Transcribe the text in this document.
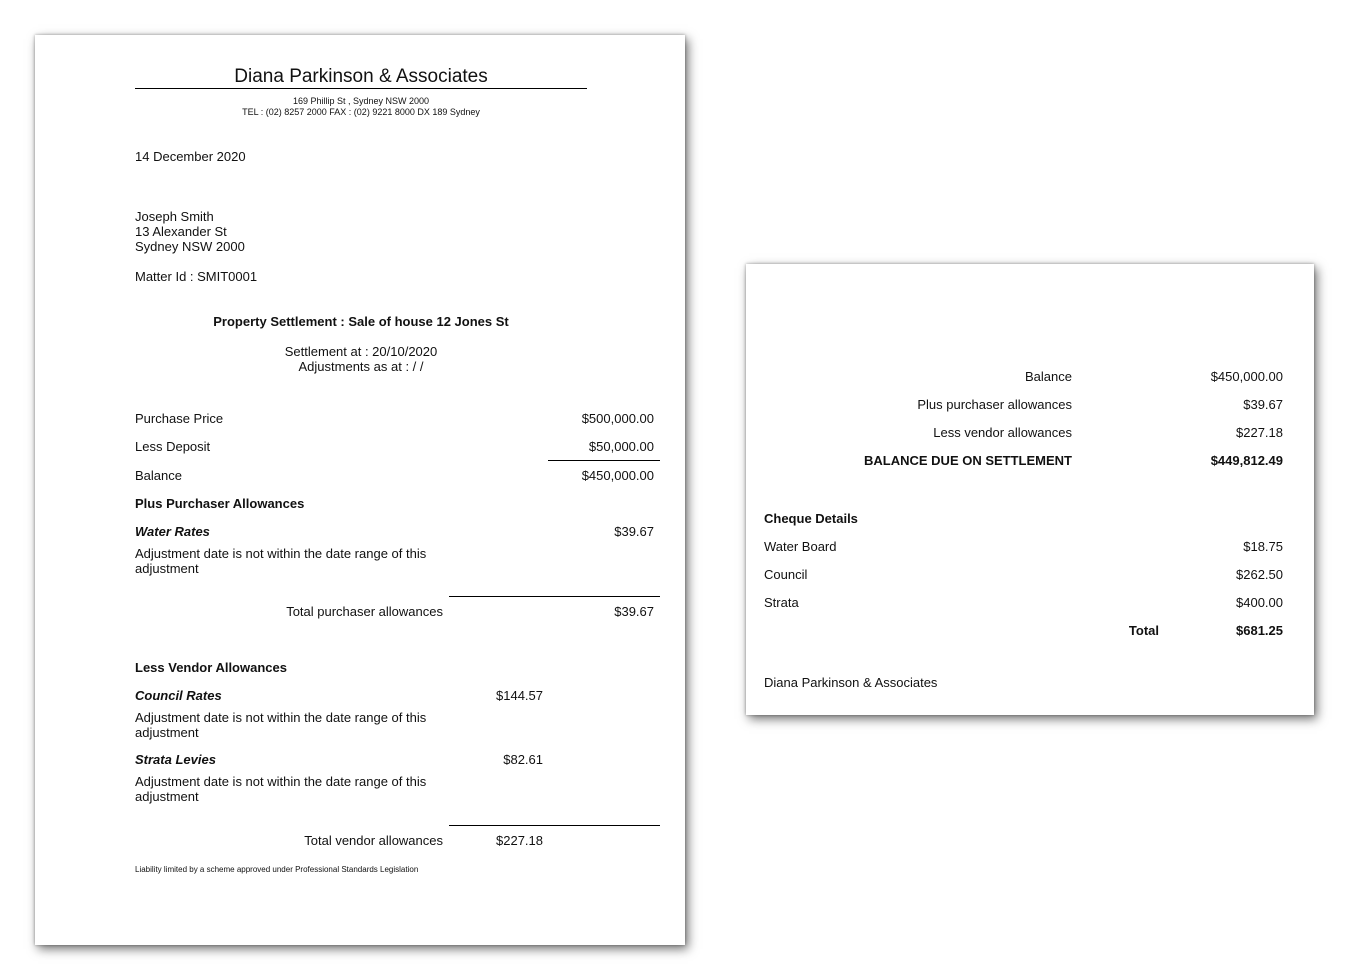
Diana Parkinson & Associates
169 Phillip St , Sydney NSW 2000
TEL : (02) 8257 2000 FAX : (02) 9221 8000 DX 189 Sydney
14 December 2020
Joseph Smith
13 Alexander St
Sydney NSW 2000
Matter Id : SMIT0001
Property Settlement : Sale of house 12 Jones St
Settlement at : 20/10/2020
Adjustments as at : / /
Purchase Price	$500,000.00
Less Deposit	$50,000.00
Balance	$450,000.00
Plus Purchaser Allowances
Water Rates	$39.67
Adjustment date is not within the date range of this adjustment
Total purchaser allowances	$39.67
Less Vendor Allowances
Council Rates	$144.57
Adjustment date is not within the date range of this adjustment
Strata Levies	$82.61
Adjustment date is not within the date range of this adjustment
Total vendor allowances	$227.18
Liability limited by a scheme approved under Professional Standards Legislation
Balance	$450,000.00
Plus purchaser allowances	$39.67
Less vendor allowances	$227.18
BALANCE DUE ON SETTLEMENT	$449,812.49
Cheque Details
Water Board	$18.75
Council	$262.50
Strata	$400.00
Total	$681.25
Diana Parkinson & Associates
